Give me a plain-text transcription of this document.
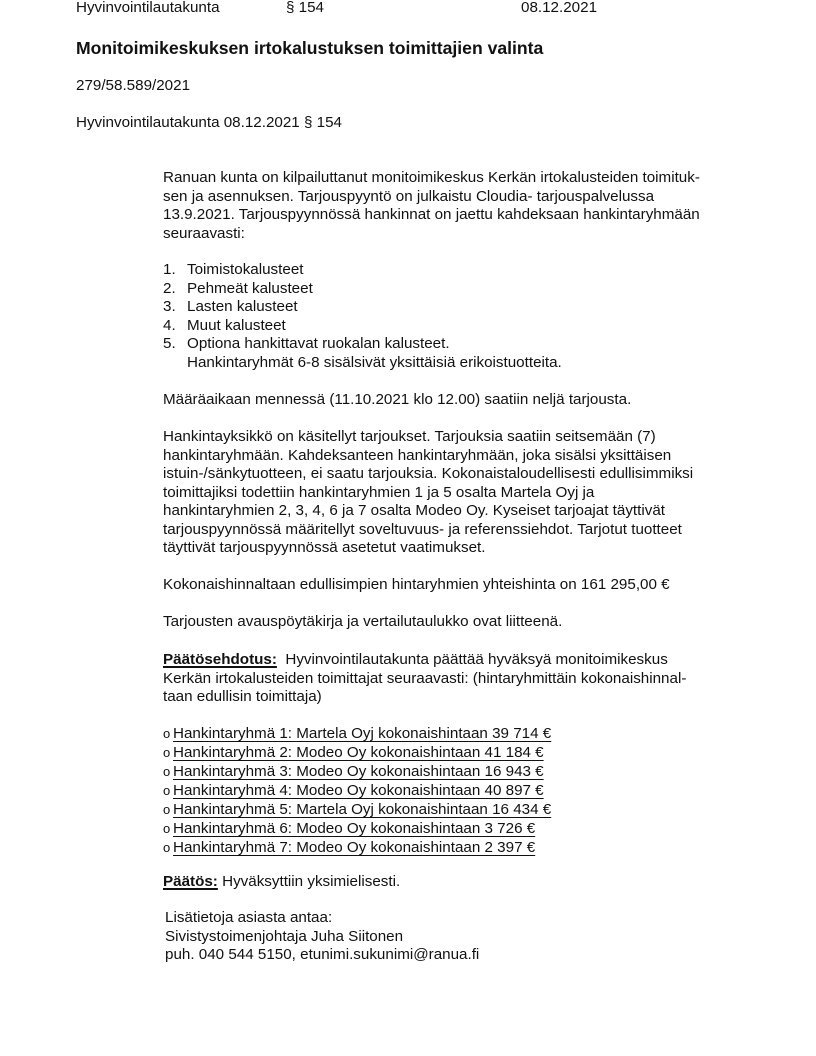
Hyvinvointilautakunta	§ 154	08.12.2021
Monitoimikeskuksen irtokalustuksen toimittajien valinta
279/58.589/2021
Hyvinvointilautakunta 08.12.2021 § 154
Ranuan kunta on kilpailuttanut monitoimikeskus Kerkän irtokalusteiden toimituk-
sen ja asennuksen. Tarjouspyyntö on julkaistu Cloudia- tarjouspalvelussa
13.9.2021. Tarjouspyynnössä hankinnat on jaettu kahdeksaan hankintaryhmään
seuraavasti:
1. Toimistokalusteet
2. Pehmeät kalusteet
3. Lasten kalusteet
4. Muut kalusteet
5. Optiona hankittavat ruokalan kalusteet.
Hankintaryhmät 6-8 sisälsivät yksittäisiä erikoistuotteita.
Määräaikaan mennessä (11.10.2021 klo 12.00) saatiin neljä tarjousta.
Hankintayksikkö on käsitellyt tarjoukset. Tarjouksia saatiin seitsemään (7)
hankintaryhmään. Kahdeksanteen hankintaryhmään, joka sisälsi yksittäisen
istuin-/sänkytuotteen, ei saatu tarjouksia. Kokonaistaloudellisesti edullisimmiksi
toimittajiksi todettiin hankintaryhmien 1 ja 5 osalta Martela Oyj ja
hankintaryhmien 2, 3, 4, 6 ja 7 osalta Modeo Oy. Kyseiset tarjoajat täyttivät
tarjouspyynnössä määritellyt soveltuvuus- ja referenssiehdot. Tarjotut tuotteet
täyttivät tarjouspyynnössä asetetut vaatimukset.
Kokonaishinnaltaan edullisimpien hintaryhmien yhteishinta on 161 295,00 €
Tarjousten avauspöytäkirja ja vertailutaulukko ovat liitteenä.
Päätösehdotus: Hyvinvointilautakunta päättää hyväksyä monitoimikeskus
Kerkän irtokalusteiden toimittajat seuraavasti: (hintaryhmittäin kokonaishinnal-
taan edullisin toimittaja)
o Hankintaryhmä 1: Martela Oyj kokonaishintaan 39 714 €
o Hankintaryhmä 2: Modeo Oy kokonaishintaan 41 184 €
o Hankintaryhmä 3: Modeo Oy kokonaishintaan 16 943 €
o Hankintaryhmä 4: Modeo Oy kokonaishintaan 40 897 €
o Hankintaryhmä 5: Martela Oyj kokonaishintaan 16 434 €
o Hankintaryhmä 6: Modeo Oy kokonaishintaan 3 726 €
o Hankintaryhmä 7: Modeo Oy kokonaishintaan 2 397 €
Päätös: Hyväksyttiin yksimielisesti.
Lisätietoja asiasta antaa:
Sivistystoimenjohtaja Juha Siitonen
puh. 040 544 5150, etunimi.sukunimi@ranua.fi
